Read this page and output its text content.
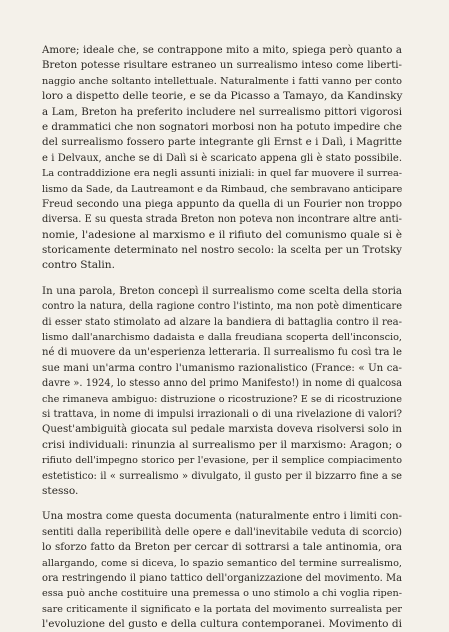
Amore; ideale che, se contrappone mito a mito, spiega però quanto a
Breton potesse risultare estraneo un surrealismo inteso come liberti-
naggio anche soltanto intellettuale. Naturalmente i fatti vanno per conto
loro a dispetto delle teorie, e se da Picasso a Tamayo, da Kandinsky
a Lam, Breton ha preferito includere nel surrealismo pittori vigorosi
e drammatici che non sognatori morbosi non ha potuto impedire che
del surrealismo fossero parte integrante gli Ernst e i Dalì, i Magritte
e i Delvaux, anche se di Dalì si è scaricato appena gli è stato possibile.
La contraddizione era negli assunti iniziali: in quel far muovere il surrea-
lismo da Sade, da Lautreamont e da Rimbaud, che sembravano anticipare
Freud secondo una piega appunto da quella di un Fourier non troppo
diversa. E su questa strada Breton non poteva non incontrare altre anti-
nomie, l'adesione al marxismo e il rifiuto del comunismo quale si è
storicamente determinato nel nostro secolo: la scelta per un Trotsky
contro Stalin.

In una parola, Breton concepì il surrealismo come scelta della storia
contro la natura, della ragione contro l'istinto, ma non potè dimenticare
di esser stato stimolato ad alzare la bandiera di battaglia contro il rea-
lismo dall'anarchismo dadaista e dalla freudiana scoperta dell'inconscio,
né di muovere da un'esperienza letteraria. Il surrealismo fu così tra le
sue mani un'arma contro l'umanismo razionalistico (France: « Un ca-
davre ». 1924, lo stesso anno del primo Manifesto!) in nome di qualcosa
che rimaneva ambiguo: distruzione o ricostruzione? E se di ricostruzione
si trattava, in nome di impulsi irrazionali o di una rivelazione di valori?
Quest'ambiguità giocata sul pedale marxista doveva risolversi solo in
crisi individuali: rinunzia al surrealismo per il marxismo: Aragon; o
rifiuto dell'impegno storico per l'evasione, per il semplice compiacimento
estetistico: il « surrealismo » divulgato, il gusto per il bizzarro fine a se
stesso.

Una mostra come questa documenta (naturalmente entro i limiti con-
sentiti dalla reperibilità delle opere e dall'inevitabile veduta di scorcio)
lo sforzo fatto da Breton per cercar di sottrarsi a tale antinomia, ora
allargando, come si diceva, lo spazio semantico del termine surrealismo,
ora restringendo il piano tattico dell'organizzazione del movimento. Ma
essa può anche costituire una premessa o uno stimolo a chi voglia ripen-
sare criticamente il significato e la portata del movimento surrealista per
l'evoluzione del gusto e della cultura contemporanei. Movimento di
